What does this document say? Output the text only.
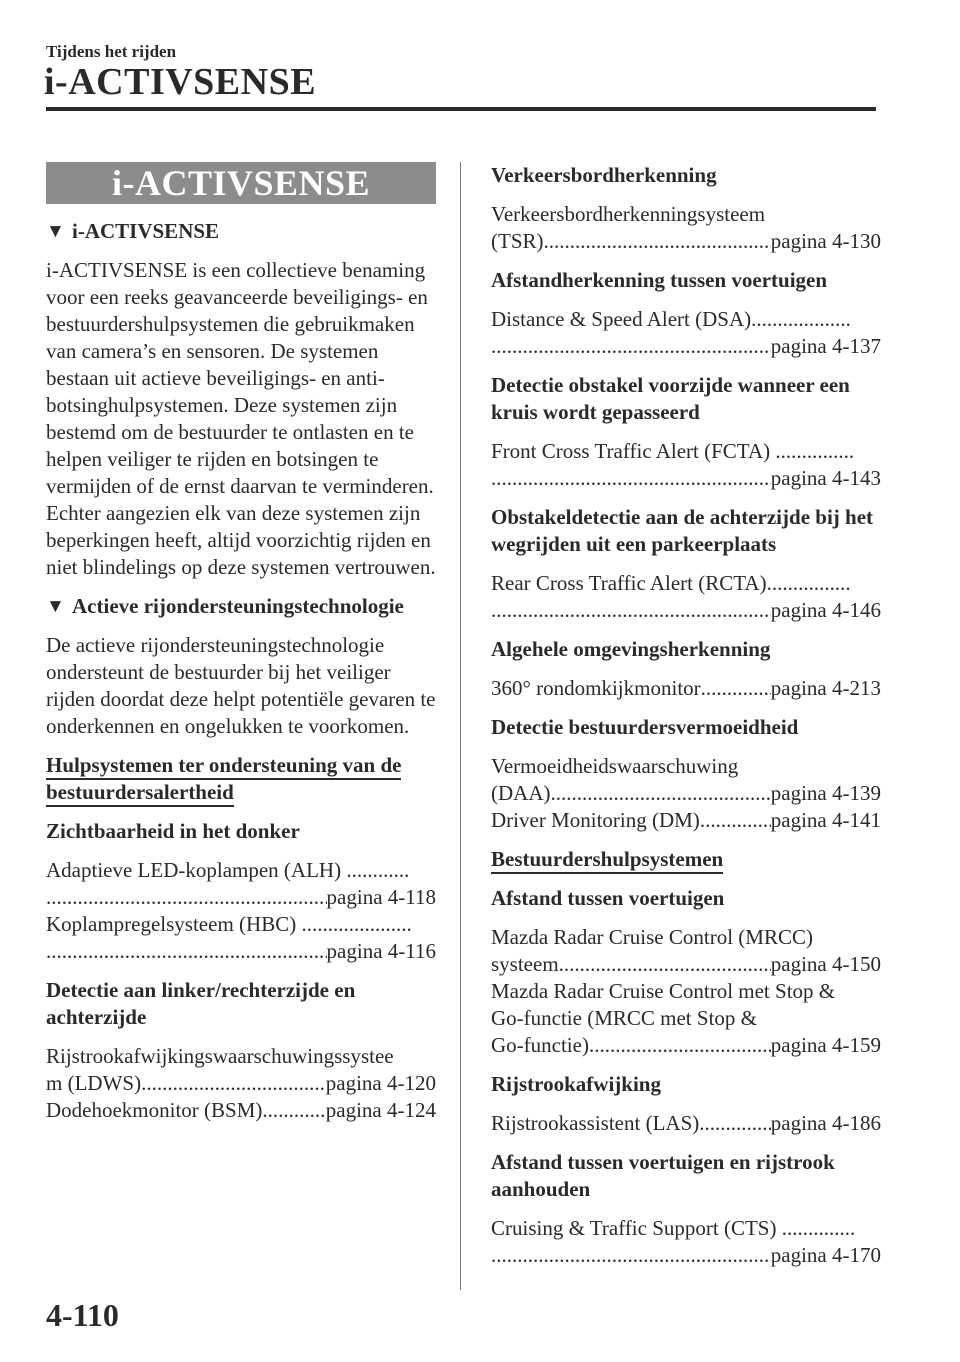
Tijdens het rijden
i-ACTIVSENSE
i-ACTIVSENSE
▼ i-ACTIVSENSE

i-ACTIVSENSE is een collectieve benaming voor een reeks geavanceerde beveiligings- en bestuurdershulpsystemen die gebruikmaken van camera’s en sensoren. De systemen bestaan uit actieve beveiligings- en anti-botsinghulpsystemen. Deze systemen zijn bestemd om de bestuurder te ontlasten en te helpen veiliger te rijden en botsingen te vermijden of de ernst daarvan te verminderen. Echter aangezien elk van deze systemen zijn beperkingen heeft, altijd voorzichtig rijden en niet blindelings op deze systemen vertrouwen.

▼ Actieve rijondersteuningstechnologie

De actieve rijondersteuningstechnologie ondersteunt de bestuurder bij het veiliger rijden doordat deze helpt potentiële gevaren te onderkennen en ongelukken te voorkomen.

Hulpsystemen ter ondersteuning van de bestuurdersalertheid
Zichtbaarheid in het donker
Adaptieve LED-koplampen (ALH) ............
.....
pagina 4-118
Koplampregelsysteem (HBC) .....................
.....
pagina 4-116
Detectie aan linker/rechterzijde en achterzijde
Rijstrookafwijkingswaarschuwingssystee
m (LDWS) .....	pagina 4-120
Dodehoekmonitor (BSM) .....	pagina 4-124
Verkeersbordherkenning
Verkeersbordherkenningsysteem
(TSR) .....	pagina 4-130
Afstandherkenning tussen voertuigen
Distance & Speed Alert (DSA)...................
.....
pagina 4-137
Detectie obstakel voorzijde wanneer een kruis wordt gepasseerd
Front Cross Traffic Alert (FCTA) ...............
.....
pagina 4-143
Obstakeldetectie aan de achterzijde bij het wegrijden uit een parkeerplaats
Rear Cross Traffic Alert (RCTA)................
.....
pagina 4-146
Algehele omgevingsherkenning
360° rondomkijkmonitor .....	pagina 4-213
Detectie bestuurdersvermoeidheid
Vermoeidheidswaarschuwing
(DAA) .....	pagina 4-139
Driver Monitoring (DM) .....	pagina 4-141
Bestuurdershulpsystemen
Afstand tussen voertuigen
Mazda Radar Cruise Control (MRCC)
systeem .....	pagina 4-150
Mazda Radar Cruise Control met Stop &
Go-functie (MRCC met Stop &
Go-functie) .....	pagina 4-159
Rijstrookafwijking
Rijstrookassistent (LAS) .....	pagina 4-186
Afstand tussen voertuigen en rijstrook aanhouden
Cruising & Traffic Support (CTS) ..............
.....
pagina 4-170
4-110
